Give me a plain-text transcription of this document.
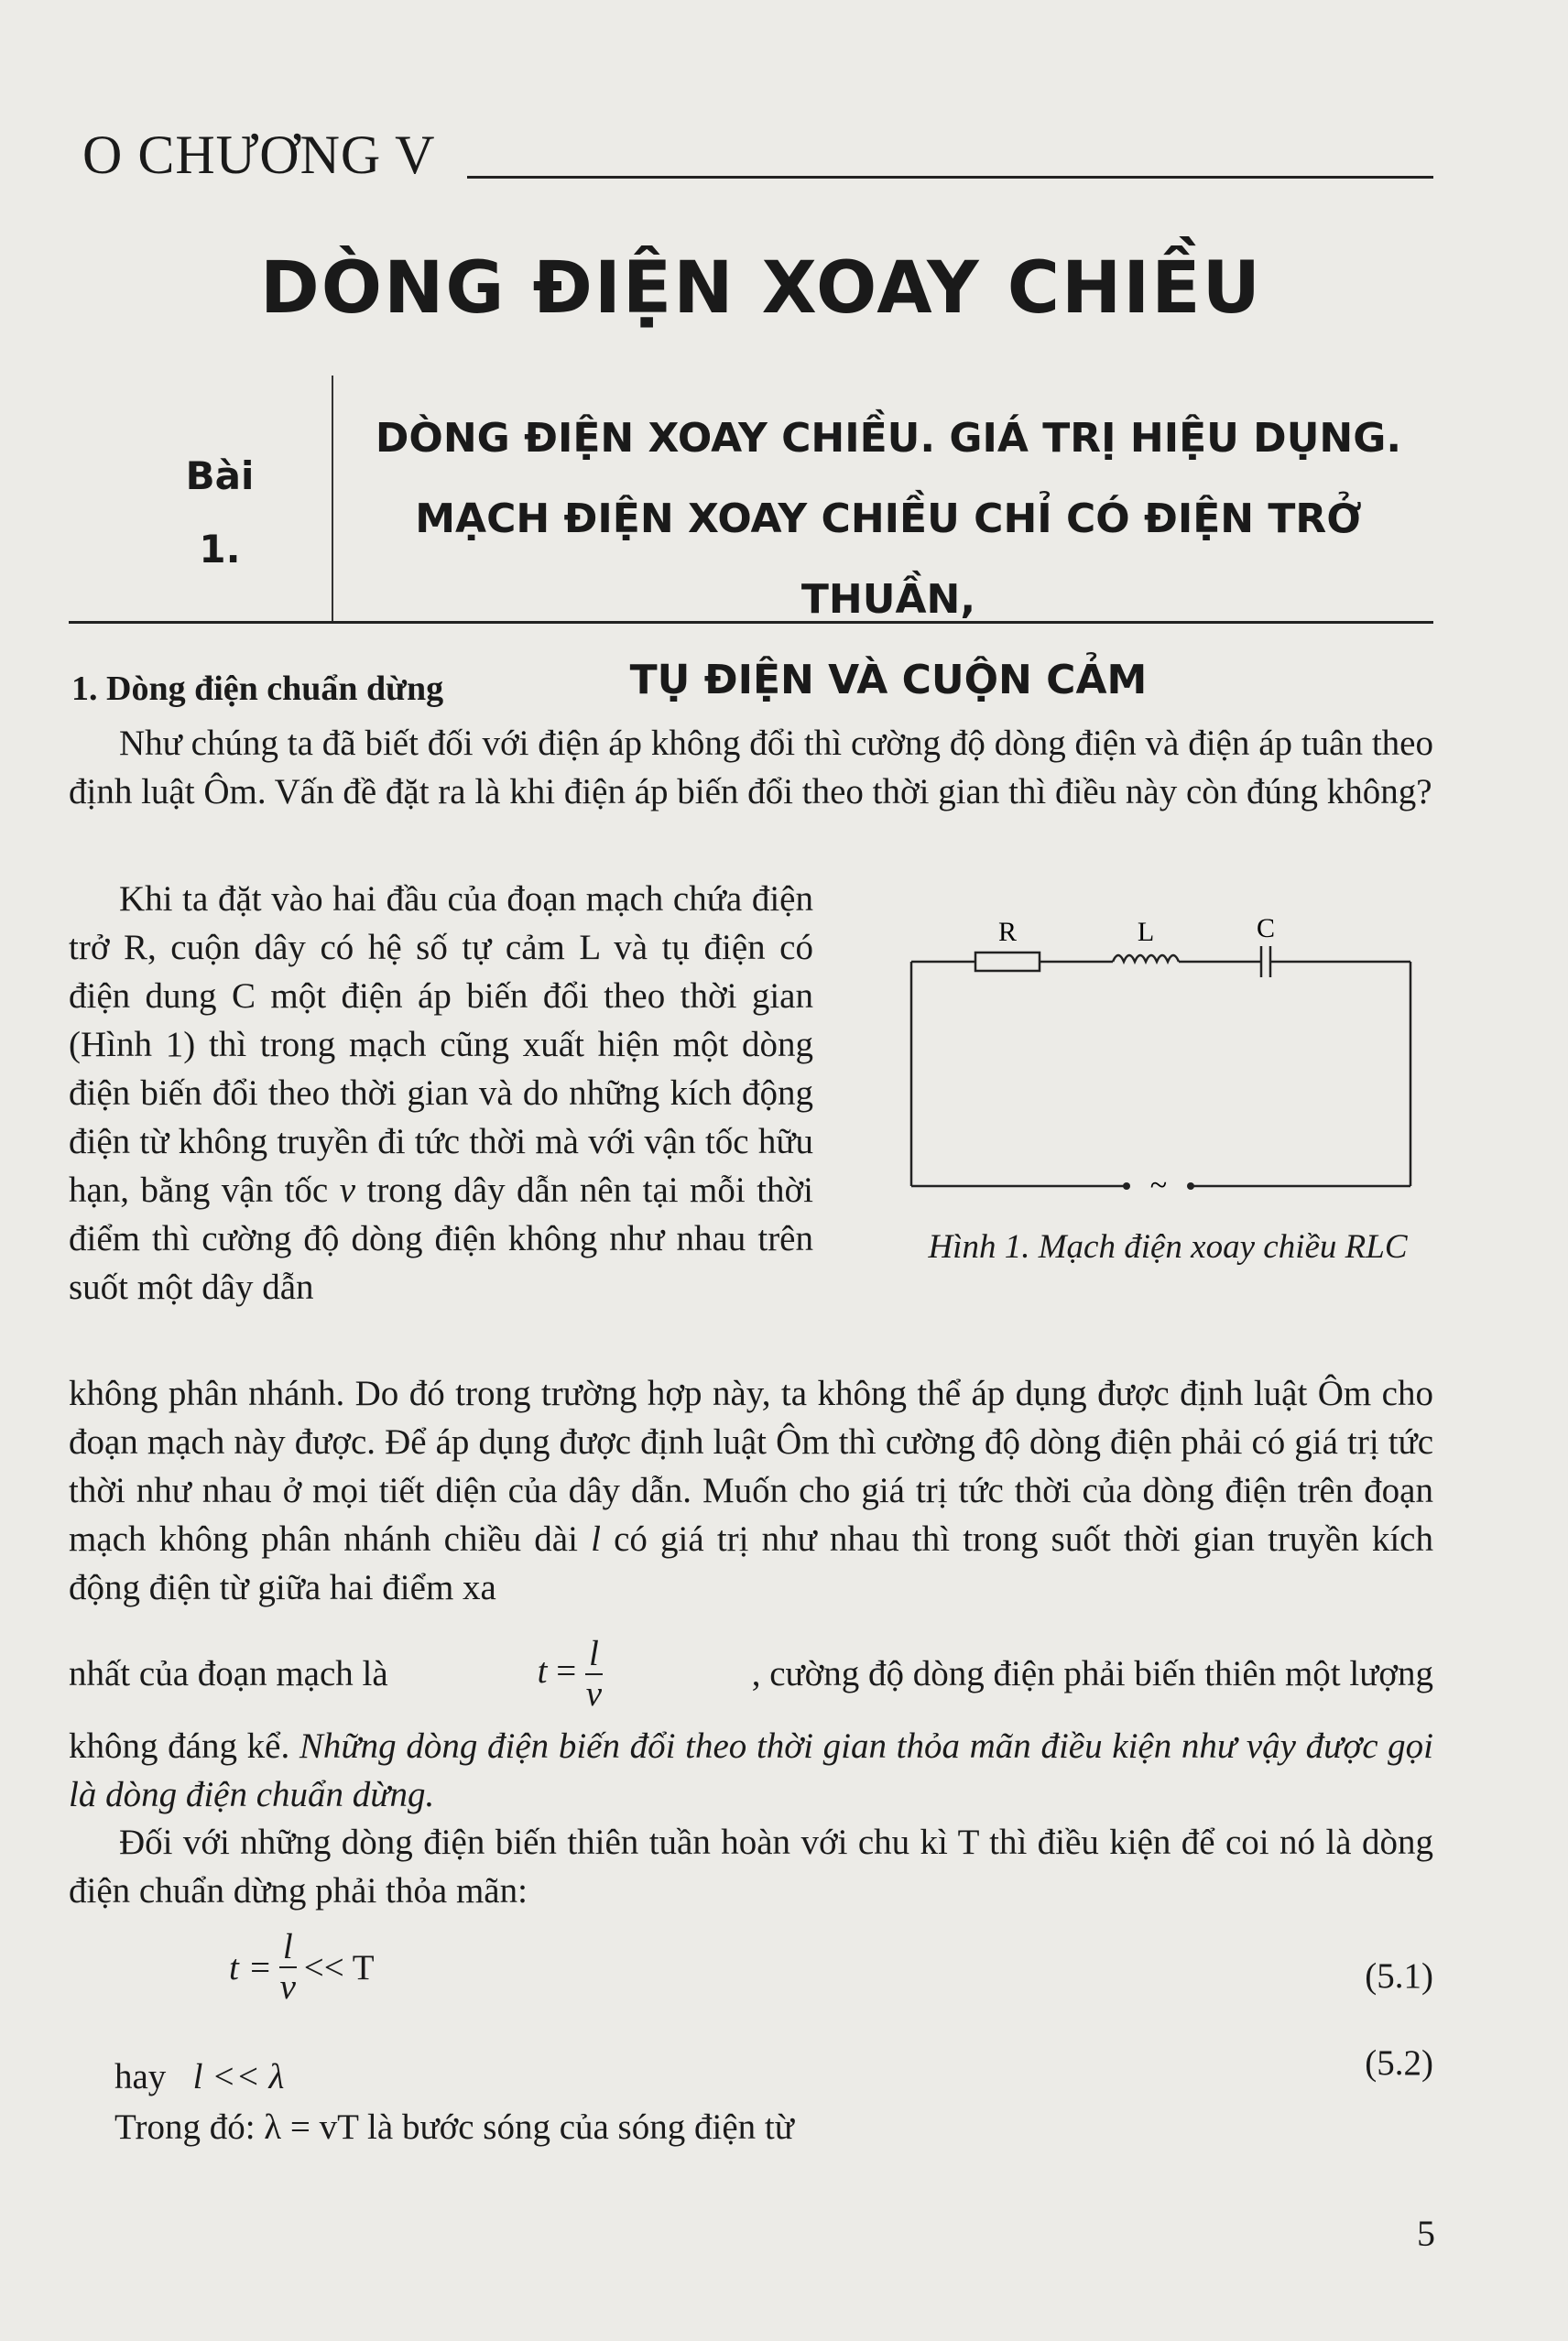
O CHƯƠNG V
DÒNG ĐIỆN XOAY CHIỀU
Bài
1.
DÒNG ĐIỆN XOAY CHIỀU. GIÁ TRỊ HIỆU DỤNG.
MẠCH ĐIỆN XOAY CHIỀU CHỈ CÓ ĐIỆN TRỞ THUẦN,
TỤ ĐIỆN VÀ CUỘN CẢM
1. Dòng điện chuẩn dừng
Như chúng ta đã biết đối với điện áp không đổi thì cường độ dòng điện và điện áp tuân theo định luật Ôm. Vấn đề đặt ra là khi điện áp biến đổi theo thời gian thì điều này còn đúng không?
Khi ta đặt vào hai đầu của đoạn mạch chứa điện trở R, cuộn dây có hệ số tự cảm L và tụ điện có điện dung C một điện áp biến đổi theo thời gian (Hình 1) thì trong mạch cũng xuất hiện một dòng điện biến đổi theo thời gian và do những kích động điện từ không truyền đi tức thời mà với vận tốc hữu hạn, bằng vận tốc v trong dây dẫn nên tại mỗi thời điểm thì cường độ dòng điện không như nhau trên suốt một dây dẫn
R	L	C
~
Hình 1. Mạch điện xoay chiều RLC
không phân nhánh. Do đó trong trường hợp này, ta không thể áp dụng được định luật Ôm cho đoạn mạch này được. Để áp dụng được định luật Ôm thì cường độ dòng điện phải có giá trị tức thời như nhau ở mọi tiết diện của dây dẫn. Muốn cho giá trị tức thời của dòng điện trên đoạn mạch không phân nhánh chiều dài l có giá trị như nhau thì trong suốt thời gian truyền kích động điện từ giữa hai điểm xa
nhất của đoạn mạch là	$t = \frac{l}{v}$	, cường độ dòng điện phải biến thiên một lượng
không đáng kể. Những dòng điện biến đổi theo thời gian thỏa mãn điều kiện như vậy được gọi là dòng điện chuẩn dừng.
Đối với những dòng điện biến thiên tuần hoàn với chu kì T thì điều kiện để coi nó là dòng điện chuẩn dừng phải thỏa mãn:
$t = \frac{l}{v} << T$	(5.1)
hay l << λ	(5.2)
Trong đó: λ = vT là bước sóng của sóng điện từ
5
